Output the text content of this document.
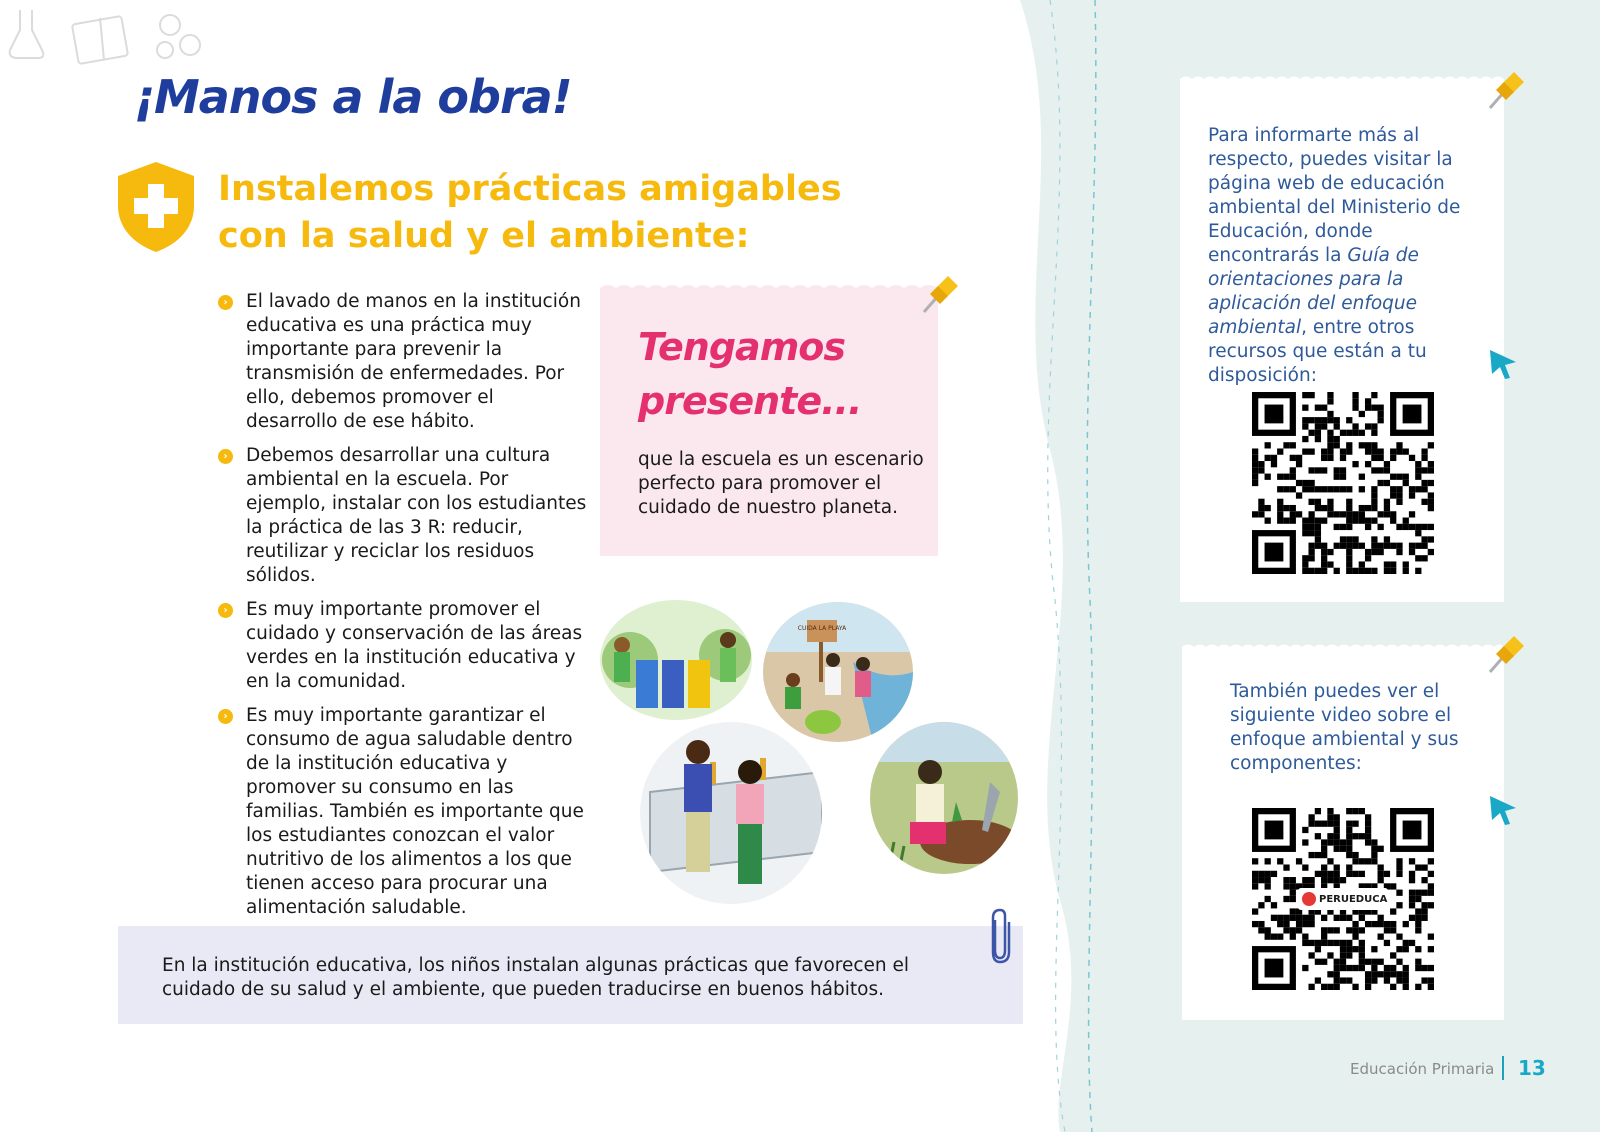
¡Manos a la obra!
Instalemos prácticas amigables
con la salud y el ambiente:
› El lavado de manos en la institución educativa es una práctica muy importante para prevenir la transmisión de enfermedades. Por ello, debemos promover el desarrollo de ese hábito.
› Debemos desarrollar una cultura ambiental en la escuela. Por ejemplo, instalar con los estudiantes la práctica de las 3 R: reducir, reutilizar y reciclar los residuos sólidos.
› Es muy importante promover el cuidado y conservación de las áreas verdes en la institución educativa y en la comunidad.
› Es muy importante garantizar el consumo de agua saludable dentro de la institución educativa y promover su consumo en las familias. También es importante que los estudiantes conozcan el valor nutritivo de los alimentos a los que tienen acceso para procurar una alimentación saludable.
Tengamos
presente...
que la escuela es un escenario perfecto para promover el cuidado de nuestro planeta.
CUIDA LA PLAYA
En la institución educativa, los niños instalan algunas prácticas que favorecen el cuidado de su salud y el ambiente, que pueden traducirse en buenos hábitos.
Para informarte más al respecto, puedes visitar la página web de educación ambiental del Ministerio de Educación, donde encontrarás la Guía de orientaciones para la aplicación del enfoque ambiental, entre otros recursos que están a tu disposición:
También puedes ver el siguiente video sobre el enfoque ambiental y sus componentes:
PERUEDUCA
Educación Primaria 13
